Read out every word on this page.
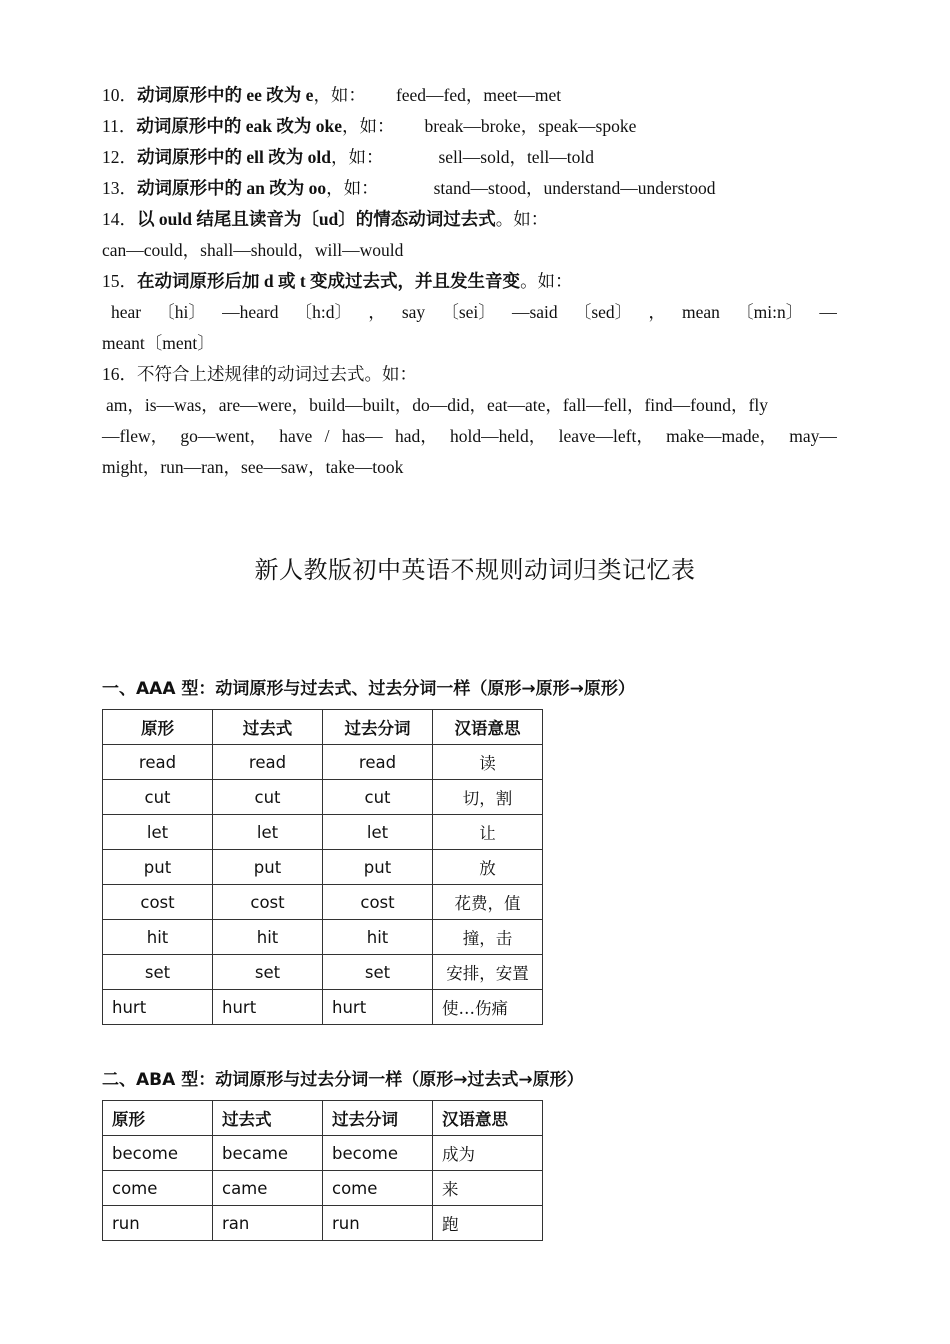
10．动词原形中的 ee 改为 e，如： feed—fed，meet—met
11．动词原形中的 eak 改为 oke，如： break—broke，speak—spoke
12．动词原形中的 ell 改为 old，如：	sell—sold，tell—told
13．动词原形中的 an 改为 oo，如：	stand—stood，understand—understood
14．以 ould 结尾且读音为〔ud〕的情态动词过去式。如：
can—could，shall—should，will—would
15．在动词原形后加 d 或 t 变成过去式，并且发生音变。如：
hear 〔hi〕 —heard 〔h:d〕 ， say 〔sei〕 —said 〔sed〕 ， mean 〔mi:n〕 —
meant〔ment〕
16．不符合上述规律的动词过去式。如：
am，is—was，are—were，build—built，do—did，eat—ate，fall—fell，find—found，fly
—flew， go—went， have / has— had， hold—held， leave—left， make—made， may—
might，run—ran，see—saw，take—took
新人教版初中英语不规则动词归类记忆表
一、AAA 型：动词原形与过去式、过去分词一样（原形→原形→原形）
原形	过去式	过去分词	汉语意思
read	read	read	读
cut	cut	cut	切，割
let	let	let	让
put	put	put	放
cost	cost	cost	花费，值
hit	hit	hit	撞，击
set	set	set	安排，安置
hurt	hurt	hurt	使…伤痛
二、ABA 型：动词原形与过去分词一样（原形→过去式→原形）
原形	过去式	过去分词	汉语意思
become	became	become	成为
come	came	come	来
run	ran	run	跑
